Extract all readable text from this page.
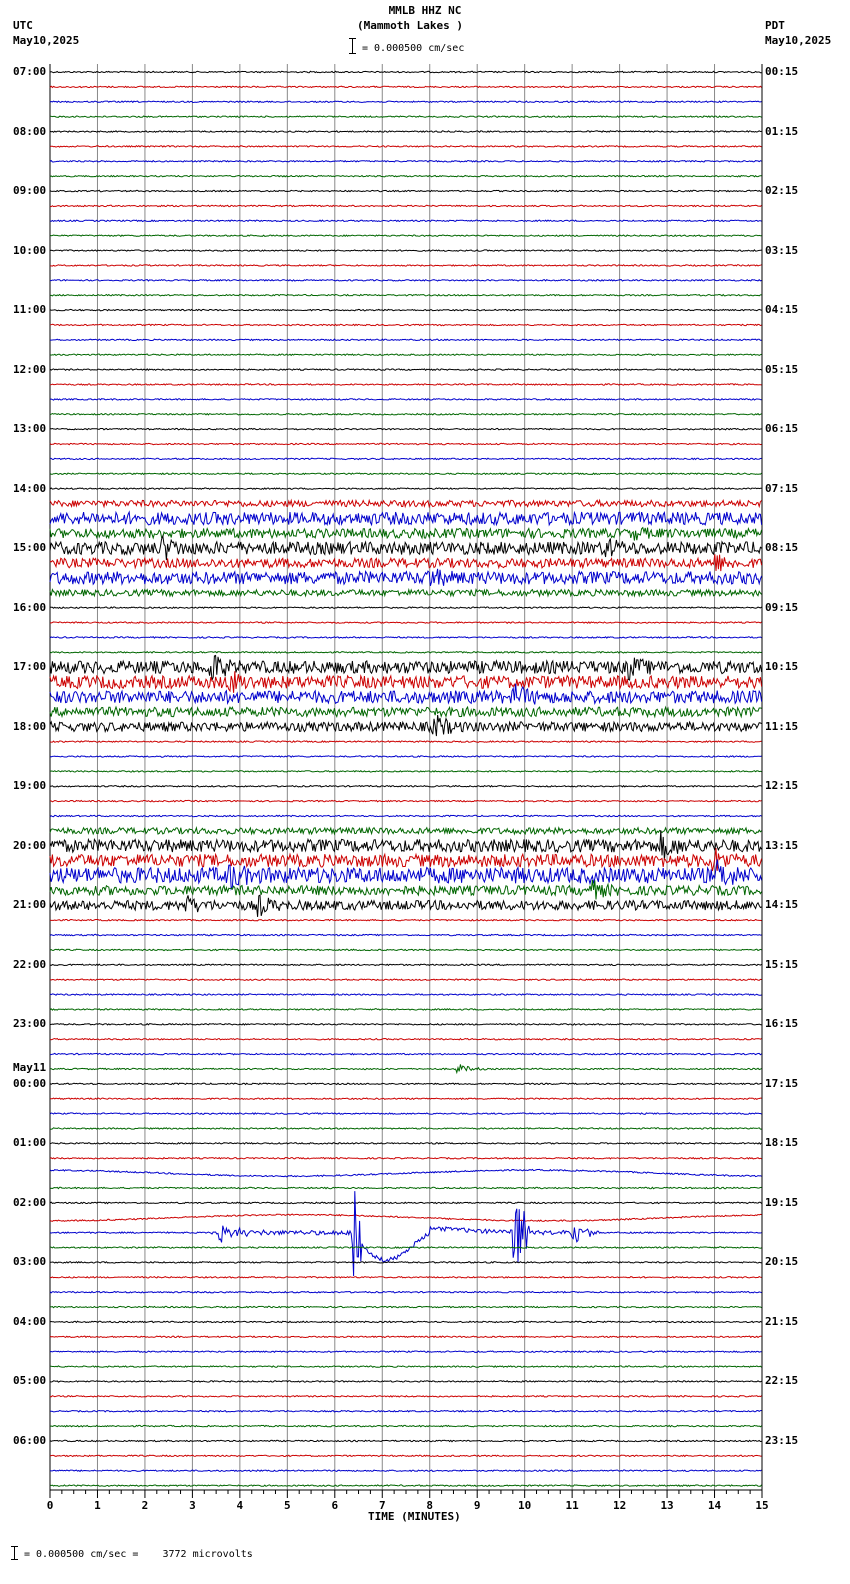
0	1	2	3	4	5	6	7	8	9	10	11	12	13	14	15
MMLB HHZ NC
(Mammoth Lakes )
= 0.000500 cm/sec
UTC
May10,2025
PDT
May10,2025
May11
07:00
08:00
09:00
10:00
11:00
12:00
13:00
14:00
15:00
16:00
17:00
18:00
19:00
20:00
21:00
22:00
23:00
00:00
01:00
02:00
03:00
04:00
05:00
06:00
00:15
01:15
02:15
03:15
04:15
05:15
06:15
07:15
08:15
09:15
10:15
11:15
12:15
13:15
14:15
15:15
16:15
17:15
18:15
19:15
20:15
21:15
22:15
23:15
TIME (MINUTES)
= 0.000500 cm/sec =    3772 microvolts
